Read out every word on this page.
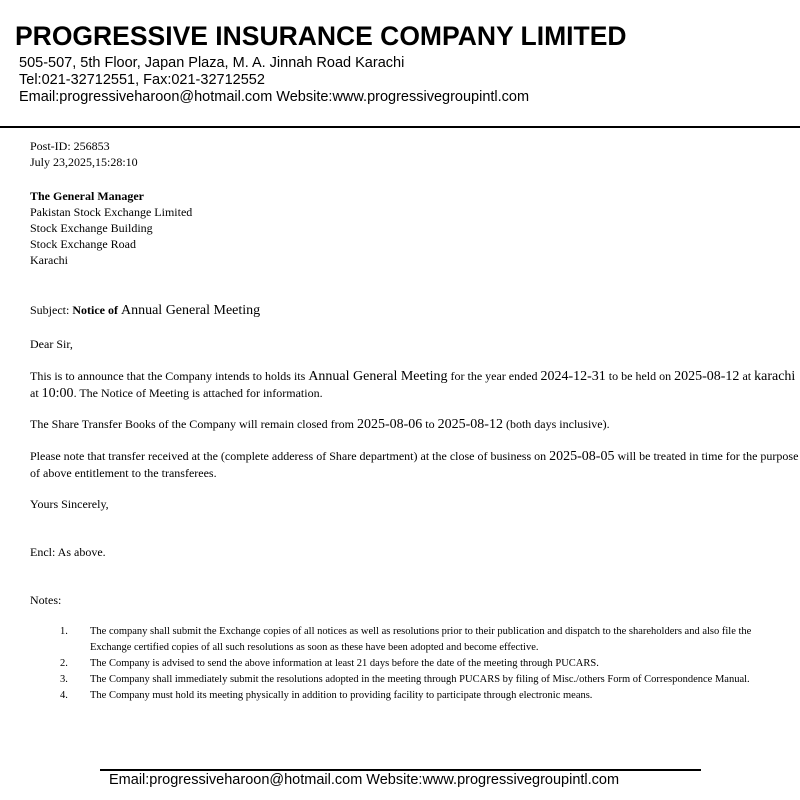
PROGRESSIVE INSURANCE COMPANY LIMITED
505-507, 5th Floor, Japan Plaza, M. A. Jinnah Road Karachi
Tel:021-32712551, Fax:021-32712552
Email:progressiveharoon@hotmail.com Website:www.progressivegroupintl.com
Post-ID: 256853
July 23,2025,15:28:10
The General Manager
Pakistan Stock Exchange Limited
Stock Exchange Building
Stock Exchange Road
Karachi
Subject: Notice of Annual General Meeting
Dear Sir,
This is to announce that the Company intends to holds its Annual General Meeting for the year ended 2024-12-31 to be held on 2025-08-12 at karachi at 10:00. The Notice of Meeting is attached for information.
The Share Transfer Books of the Company will remain closed from 2025-08-06 to 2025-08-12 (both days inclusive).
Please note that transfer received at the (complete adderess of Share department) at the close of business on 2025-08-05 will be treated in time for the purpose of above entitlement to the transferees.
Yours Sincerely,
Encl: As above.
Notes:
1. The company shall submit the Exchange copies of all notices as well as resolutions prior to their publication and dispatch to the shareholders and also file the Exchange certified copies of all such resolutions as soon as these have been adopted and become effective.
2. The Company is advised to send the above information at least 21 days before the date of the meeting through PUCARS.
3. The Company shall immediately submit the resolutions adopted in the meeting through PUCARS by filing of Misc./others Form of Correspondence Manual.
4. The Company must hold its meeting physically in addition to providing facility to participate through electronic means.
Email:progressiveharoon@hotmail.com Website:www.progressivegroupintl.com
